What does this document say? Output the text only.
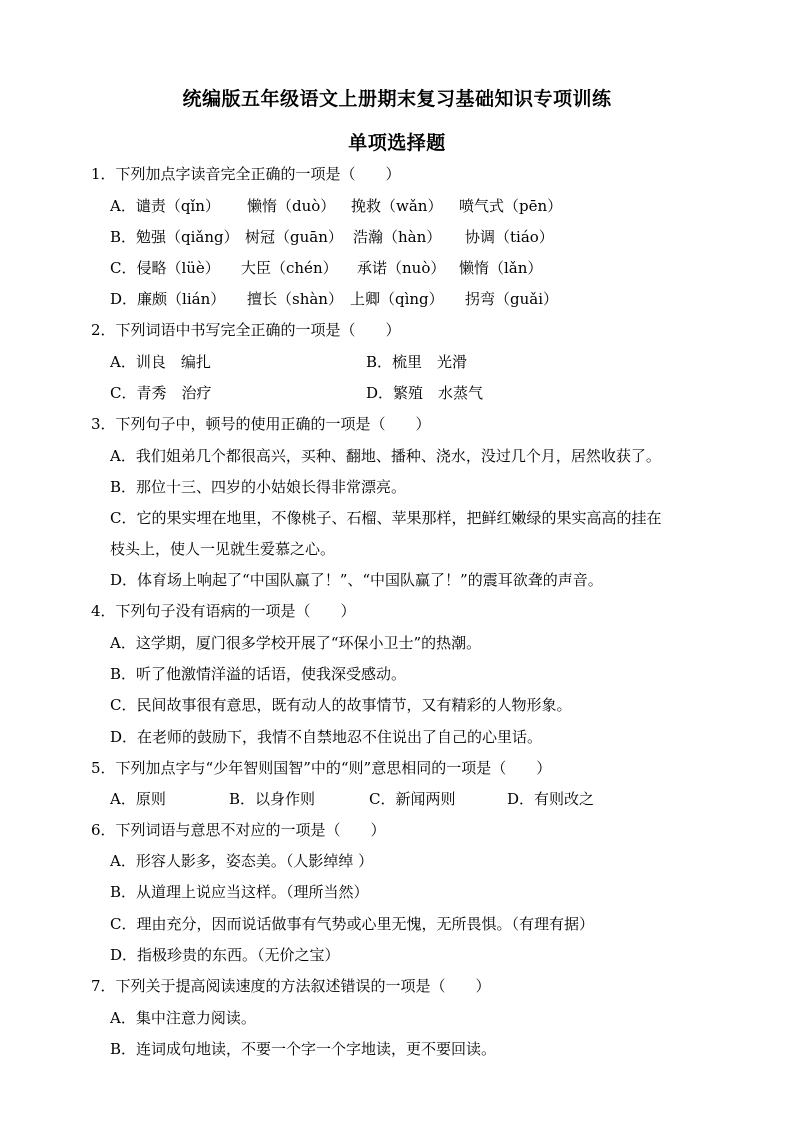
统编版五年级语文上册期末复习基础知识专项训练
单项选择题
1．下列加点字读音完全正确的一项是（　　）
A．谴责（qǐn） 懒惰（duò） 挽救（wǎn） 喷气式（pēn）
B．勉强（qiǎng） 树冠（guān） 浩瀚（hàn） 协调（tiáo）
C．侵略（lüè） 大臣（chén） 承诺（nuò） 懒惰（lǎn）
D．廉颇（lián） 擅长（shàn） 上卿（qìng） 拐弯（guǎi）
2．下列词语中书写完全正确的一项是（　　）
A．训良　编扎	B．梳里　光滑
C．青秀　治疗	D．繁殖　水蒸气
3．下列句子中，顿号的使用正确的一项是（　　）
A．我们姐弟几个都很高兴，买种、翻地、播种、浇水，没过几个月，居然收获了。
B．那位十三、四岁的小姑娘长得非常漂亮。
C．它的果实埋在地里，不像桃子、石榴、苹果那样，把鲜红嫩绿的果实高高的挂在
枝头上，使人一见就生爱慕之心。
D．体育场上响起了“中国队赢了！”、“中国队赢了！”的震耳欲聋的声音。
4．下列句子没有语病的一项是（　　）
A．这学期，厦门很多学校开展了“环保小卫士”的热潮。
B．听了他激情洋溢的话语，使我深受感动。
C．民间故事很有意思，既有动人的故事情节，又有精彩的人物形象。
D．在老师的鼓励下，我情不自禁地忍不住说出了自己的心里话。
5．下列加点字与“少年智则国智”中的“则”意思相同的一项是（　　）
A．原则	B．以身作则	C．新闻两则	D．有则改之
6．下列词语与意思不对应的一项是（　　）
A．形容人影多，姿态美。（人影绰绰 ）
B．从道理上说应当这样。（理所当然）
C．理由充分，因而说话做事有气势或心里无愧，无所畏惧。（有理有据）
D．指极珍贵的东西。（无价之宝）
7．下列关于提高阅读速度的方法叙述错误的一项是（　　）
A．集中注意力阅读。
B．连词成句地读，不要一个字一个字地读，更不要回读。
